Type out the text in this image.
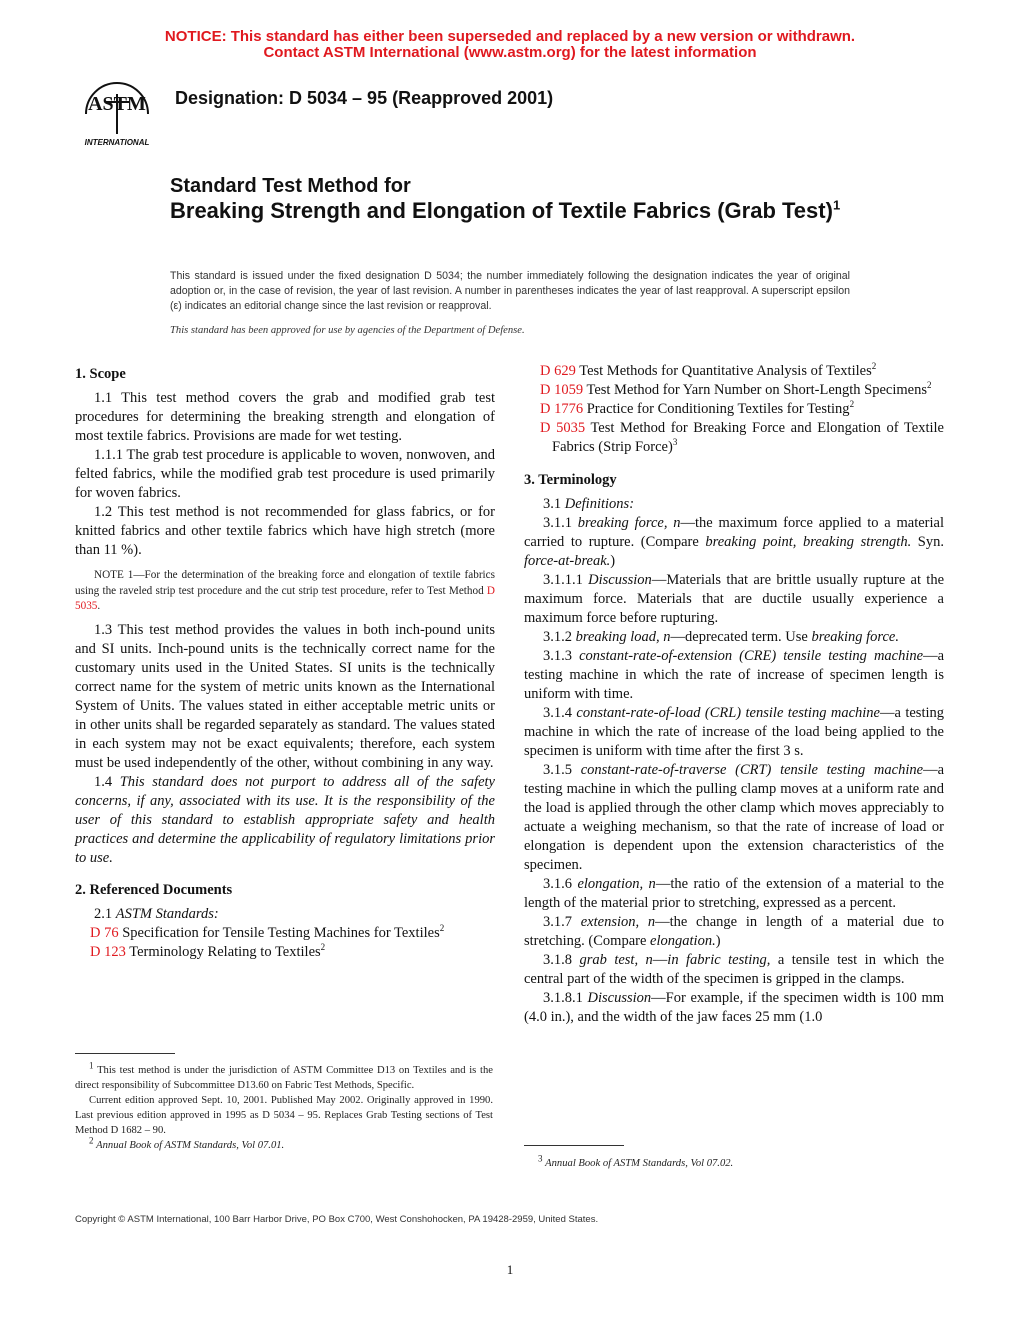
NOTICE: This standard has either been superseded and replaced by a new version or withdrawn.
Contact ASTM International (www.astm.org) for the latest information
ASTM
INTERNATIONAL
Designation: D 5034 – 95 (Reapproved 2001)
Standard Test Method for
Breaking Strength and Elongation of Textile Fabrics (Grab Test)$^1$
This standard is issued under the fixed designation D 5034; the number immediately following the designation indicates the year of original adoption or, in the case of revision, the year of last revision. A number in parentheses indicates the year of last reapproval. A superscript epsilon (ε) indicates an editorial change since the last revision or reapproval.
This standard has been approved for use by agencies of the Department of Defense.

1. Scope

1.1 This test method covers the grab and modified grab test procedures for determining the breaking strength and elongation of most textile fabrics. Provisions are made for wet testing.

1.1.1 The grab test procedure is applicable to woven, nonwoven, and felted fabrics, while the modified grab test procedure is used primarily for woven fabrics.

1.2 This test method is not recommended for glass fabrics, or for knitted fabrics and other textile fabrics which have high stretch (more than 11 %).

NOTE 1—For the determination of the breaking force and elongation of textile fabrics using the raveled strip test procedure and the cut strip test procedure, refer to Test Method D 5035.

1.3 This test method provides the values in both inch-pound units and SI units. Inch-pound units is the technically correct name for the customary units used in the United States. SI units is the technically correct name for the system of metric units known as the International System of Units. The values stated in either acceptable metric units or in other units shall be regarded separately as standard. The values stated in each system may not be exact equivalents; therefore, each system must be used independently of the other, without combining in any way.

1.4 This standard does not purport to address all of the safety concerns, if any, associated with its use. It is the responsibility of the user of this standard to establish appropriate safety and health practices and determine the applicability of regulatory limitations prior to use.

2. Referenced Documents

2.1 ASTM Standards:

D 76 Specification for Tensile Testing Machines for Textiles$^2$

D 123 Terminology Relating to Textiles$^2$

D 629 Test Methods for Quantitative Analysis of Textiles$^2$

D 1059 Test Method for Yarn Number on Short-Length Specimens$^2$

D 1776 Practice for Conditioning Textiles for Testing$^2$

D 5035 Test Method for Breaking Force and Elongation of Textile Fabrics (Strip Force)$^3$

3. Terminology

3.1 Definitions:

3.1.1 breaking force, n—the maximum force applied to a material carried to rupture. (Compare breaking point, breaking strength. Syn. force-at-break.)

3.1.1.1 Discussion—Materials that are brittle usually rupture at the maximum force. Materials that are ductile usually experience a maximum force before rupturing.

3.1.2 breaking load, n—deprecated term. Use breaking force.

3.1.3 constant-rate-of-extension (CRE) tensile testing machine—a testing machine in which the rate of increase of specimen length is uniform with time.

3.1.4 constant-rate-of-load (CRL) tensile testing machine—a testing machine in which the rate of increase of the load being applied to the specimen is uniform with time after the first 3 s.

3.1.5 constant-rate-of-traverse (CRT) tensile testing machine—a testing machine in which the pulling clamp moves at a uniform rate and the load is applied through the other clamp which moves appreciably to actuate a weighing mechanism, so that the rate of increase of load or elongation is dependent upon the extension characteristics of the specimen.

3.1.6 elongation, n—the ratio of the extension of a material to the length of the material prior to stretching, expressed as a percent.

3.1.7 extension, n—the change in length of a material due to stretching. (Compare elongation.)

3.1.8 grab test, n—in fabric testing, a tensile test in which the central part of the width of the specimen is gripped in the clamps.

3.1.8.1 Discussion—For example, if the specimen width is 100 mm (4.0 in.), and the width of the jaw faces 25 mm (1.0

$^1$ This test method is under the jurisdiction of ASTM Committee D13 on Textiles and is the direct responsibility of Subcommittee D13.60 on Fabric Test Methods, Specific.
Current edition approved Sept. 10, 2001. Published May 2002. Originally approved in 1990. Last previous edition approved in 1995 as D 5034 – 95. Replaces Grab Testing sections of Test Method D 1682 – 90.
$^2$ Annual Book of ASTM Standards, Vol 07.01.
$^3$ Annual Book of ASTM Standards, Vol 07.02.
Copyright © ASTM International, 100 Barr Harbor Drive, PO Box C700, West Conshohocken, PA 19428-2959, United States.
1
